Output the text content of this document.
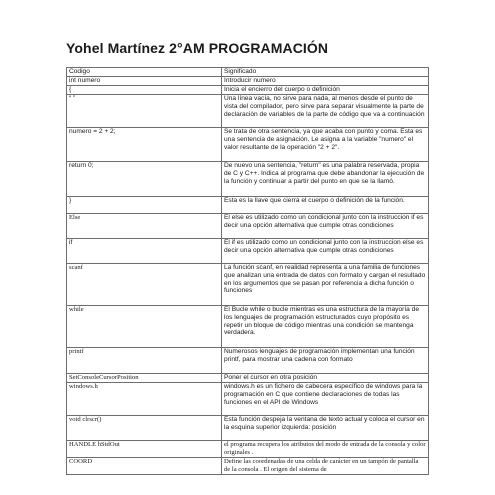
Yohel Martínez 2°AM PROGRAMACIÓN
Codigo	Significado
int numero	Introducir numero
{	Inicia el encierro del cuerpo o definición
“ ”	Una línea vacía, no sirve para nada, al menos desde el punto de vista del compilador, pero sirve para separar visualmente la parte de declaración de variables de la parte de código que va a continuación
numero = 2 + 2;	Se trata de otra sentencia, ya que acaba con punto y coma. Esta es una sentencia de asignación. Le asigna a la variable "numero" el valor resultante de la operación "2 + 2".
return 0;	De nuevo una sentencia, "return" es una palabra reservada, propia de C y C++. Indica al programa que debe abandonar la ejecución de la función y continuar a partir del punto en que se la llamó.
}	Esta es la llave que cierra el cuerpo o definición de la función.
Else	El else es utilizado como un condicional junto con la instruccion if es decir una opción alternativa que cumple otras condiciones
if	El if es utilizado como un condicional junto con la instruccion else es decir una opción alternativa que cumple otras condiciones
scanf	La función scanf, en realidad representa a una familia de funciones que analizan una entrada de datos con formato y cargan el resultado en los argumentos que se pasan por referencia a dicha función o funciones
while	El Bucle while o bucle mientras es una estructura de la mayoría de los lenguajes de programación estructurados cuyo propósito es repetir un bloque de código mientras una condición se mantenga verdadera.
printf	Numerosos lenguajes de programación implementan una función printf, para mostrar una cadena con formato
SetConsoleCursorPosition	Poner el cursor en otra posición
windows.h	windows.h es un fichero de cabecera específico de windows para la programación en C que contiene declaraciones de todas las funciones en el API de Windows
void clrscr()	Esta función despeja la ventana de texto actual y coloca el cursor en la esquina superior izquierda: posición
HANDLE hStdOut	el programa recupera los atributos del modo de entrada de la consola y color originales .
COORD	Define las coordenadas de una celda de carácter en un tampón de pantalla de la consola . El origen del sistema de
